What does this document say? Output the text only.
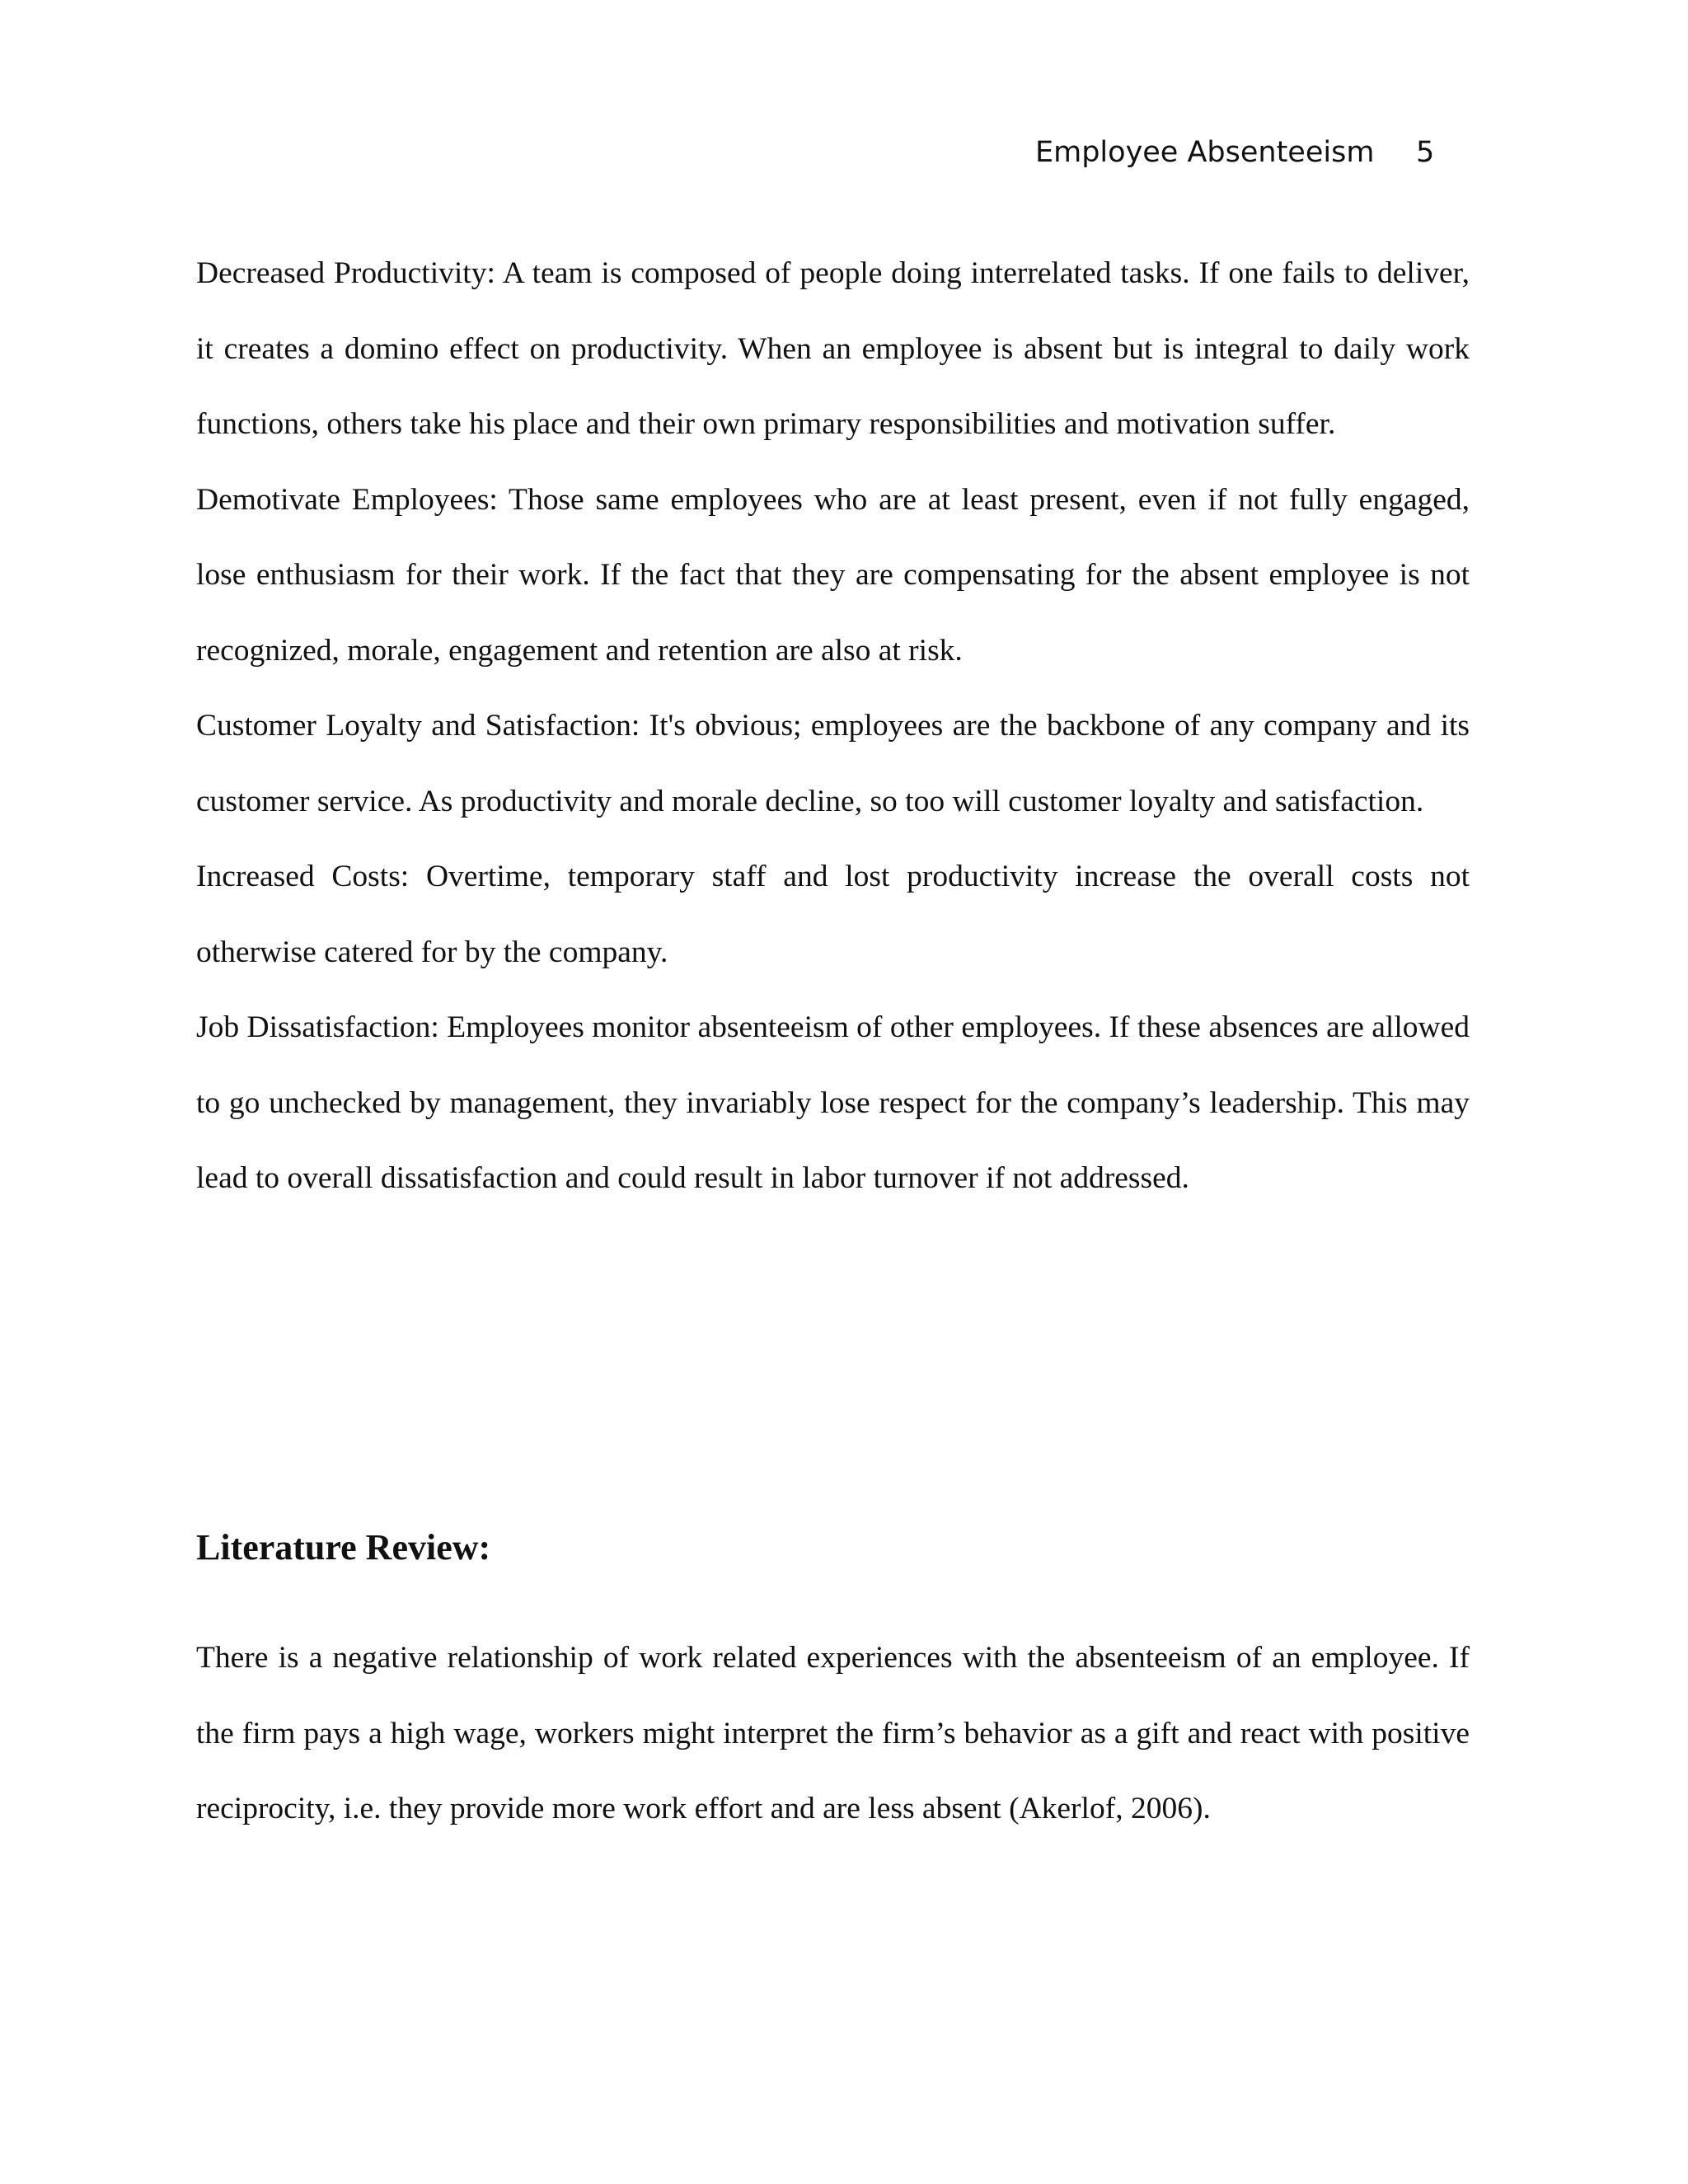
Employee Absenteeism 5

Decreased Productivity: A team is composed of people doing interrelated tasks. If one fails to deliver, it creates a domino effect on productivity. When an employee is absent but is integral to daily work functions, others take his place and their own primary responsibilities and motivation suffer.

Demotivate Employees: Those same employees who are at least present, even if not fully engaged, lose enthusiasm for their work. If the fact that they are compensating for the absent employee is not recognized, morale, engagement and retention are also at risk.

Customer Loyalty and Satisfaction: It's obvious; employees are the backbone of any company and its customer service. As productivity and morale decline, so too will customer loyalty and satisfaction.

Increased Costs: Overtime, temporary staff and lost productivity increase the overall costs not otherwise catered for by the company.

Job Dissatisfaction: Employees monitor absenteeism of other employees. If these absences are allowed to go unchecked by management, they invariably lose respect for the company’s leadership. This may lead to overall dissatisfaction and could result in labor turnover if not addressed.

Literature Review:

There is a negative relationship of work related experiences with the absenteeism of an employee. If the firm pays a high wage, workers might interpret the firm’s behavior as a gift and react with positive reciprocity, i.e. they provide more work effort and are less absent (Akerlof, 2006).
